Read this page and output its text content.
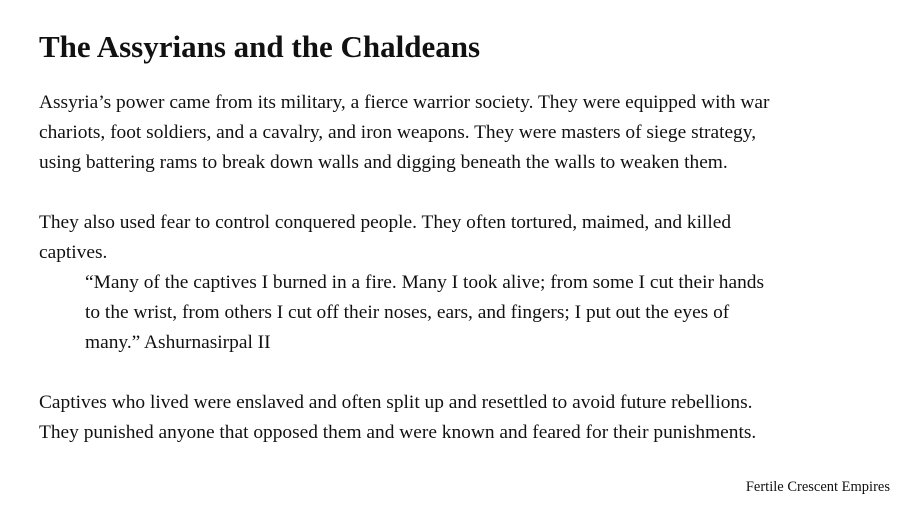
The Assyrians and the Chaldeans

Assyria’s power came from its military, a fierce warrior society. They were equipped with war
chariots, foot soldiers, and a cavalry, and iron weapons. They were masters of siege strategy,
using battering rams to break down walls and digging beneath the walls to weaken them.

They also used fear to control conquered people. They often tortured, maimed, and killed
captives.

“Many of the captives I burned in a fire. Many I took alive; from some I cut their hands
to the wrist, from others I cut off their noses, ears, and fingers; I put out the eyes of
many.” Ashurnasirpal II

Captives who lived were enslaved and often split up and resettled to avoid future rebellions.
They punished anyone that opposed them and were known and feared for their punishments.

Fertile Crescent Empires
